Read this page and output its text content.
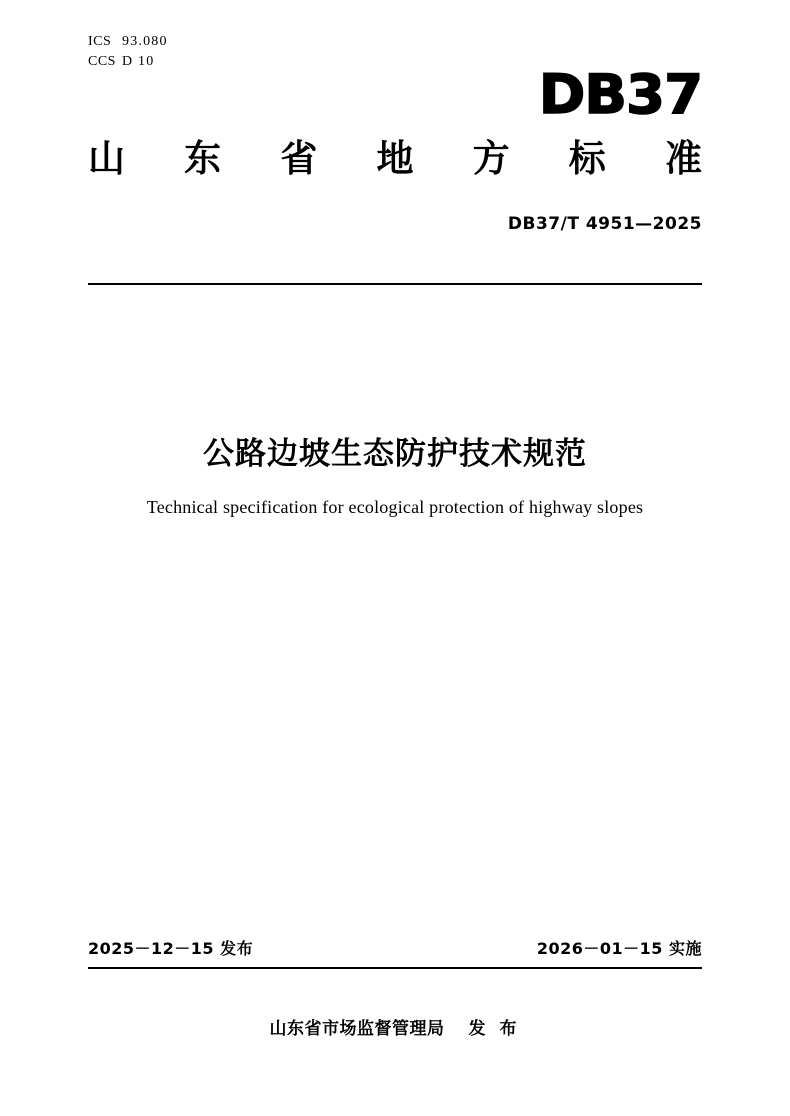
ICS 93.080
CCS D 10
DB37
山 东 省 地 方 标 准
DB37/T 4951—2025
公路边坡生态防护技术规范
Technical specification for ecological protection of highway slopes
2025－12－15 发布	2026－01－15 实施
山东省市场监督管理局 发 布
